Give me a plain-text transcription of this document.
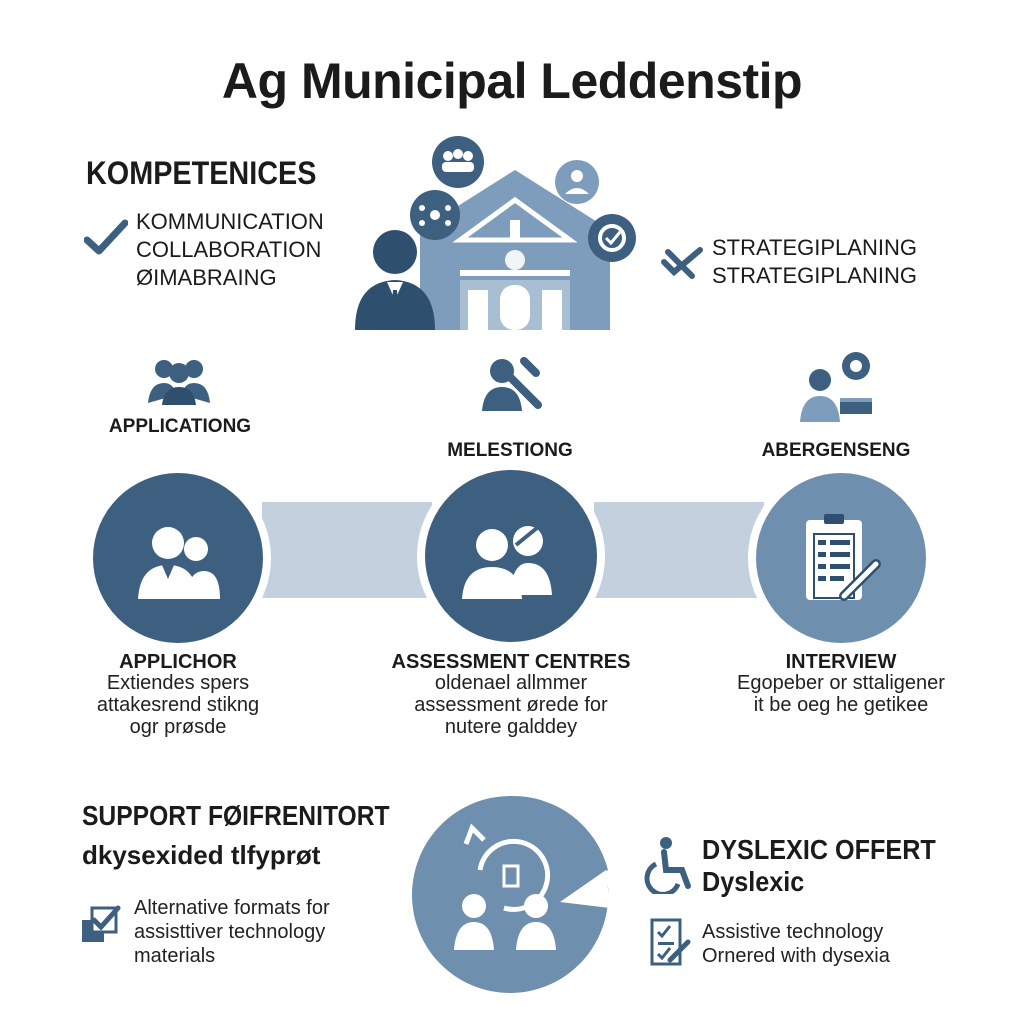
Ag Municipal Leddenstip
KOMPETENICES
KOMMUNICATION
COLLABORATION
ØIMABRAING
STRATEGIPLANING
STRATEGIPLANING
APPLICATIONG
MELESTIONG	ABERGENSENG
APPLICHOR
Extiendes spers
attakesrend stikng
ogr prøsde
ASSESSMENT CENTRES
oldenael allmmer
assessment ørede for
nutere galddey
INTERVIEW
Egopeber or sttaligener
it be oeg he getikee
SUPPORT FØIFRENITORT
dkysexided tlfyprøt
Alternative formats for
assisttiver technology
materials
DYSLEXIC OFFERT
Dyslexic
Assistive technology
Ornered with dysexia
